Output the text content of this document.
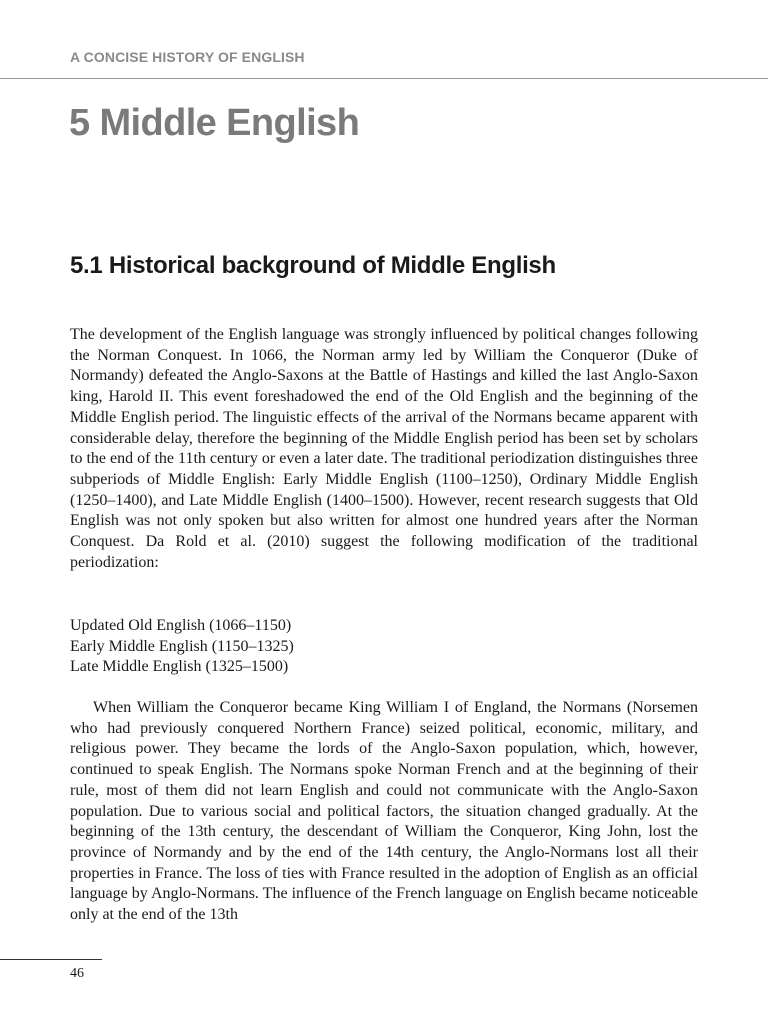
A CONCISE HISTORY OF ENGLISH
5 Middle English
5.1 Historical background of Middle English

The development of the English language was strongly influenced by political changes following the Norman Conquest. In 1066, the Norman army led by William the Conqueror (Duke of Normandy) defeated the Anglo-Saxons at the Battle of Hastings and killed the last Anglo-Saxon king, Harold II. This event foreshadowed the end of the Old English and the beginning of the Middle English period. The linguistic effects of the arrival of the Normans became apparent with considerable delay, therefore the beginning of the Middle English period has been set by scholars to the end of the 11th century or even a later date. The traditional periodization distinguishes three subperiods of Middle English: Early Middle English (1100–1250), Ordinary Middle English (1250–1400), and Late Middle English (1400–1500). However, recent research suggests that Old English was not only spoken but also written for almost one hundred years after the Norman Conquest. Da Rold et al. (2010) suggest the following modification of the traditional periodization:

Updated Old English (1066–1150)
Early Middle English (1150–1325)
Late Middle English (1325–1500)

When William the Conqueror became King William I of England, the Normans (Norsemen who had previously conquered Northern France) seized political, economic, military, and religious power. They became the lords of the Anglo-Saxon population, which, however, continued to speak English. The Normans spoke Norman French and at the beginning of their rule, most of them did not learn English and could not communicate with the Anglo-Saxon population. Due to various social and political factors, the situation changed gradually. At the beginning of the 13th century, the descendant of William the Conqueror, King John, lost the province of Normandy and by the end of the 14th century, the Anglo-Normans lost all their properties in France. The loss of ties with France resulted in the adoption of English as an official language by Anglo-Normans. The influence of the French language on English became noticeable only at the end of the 13th

46
